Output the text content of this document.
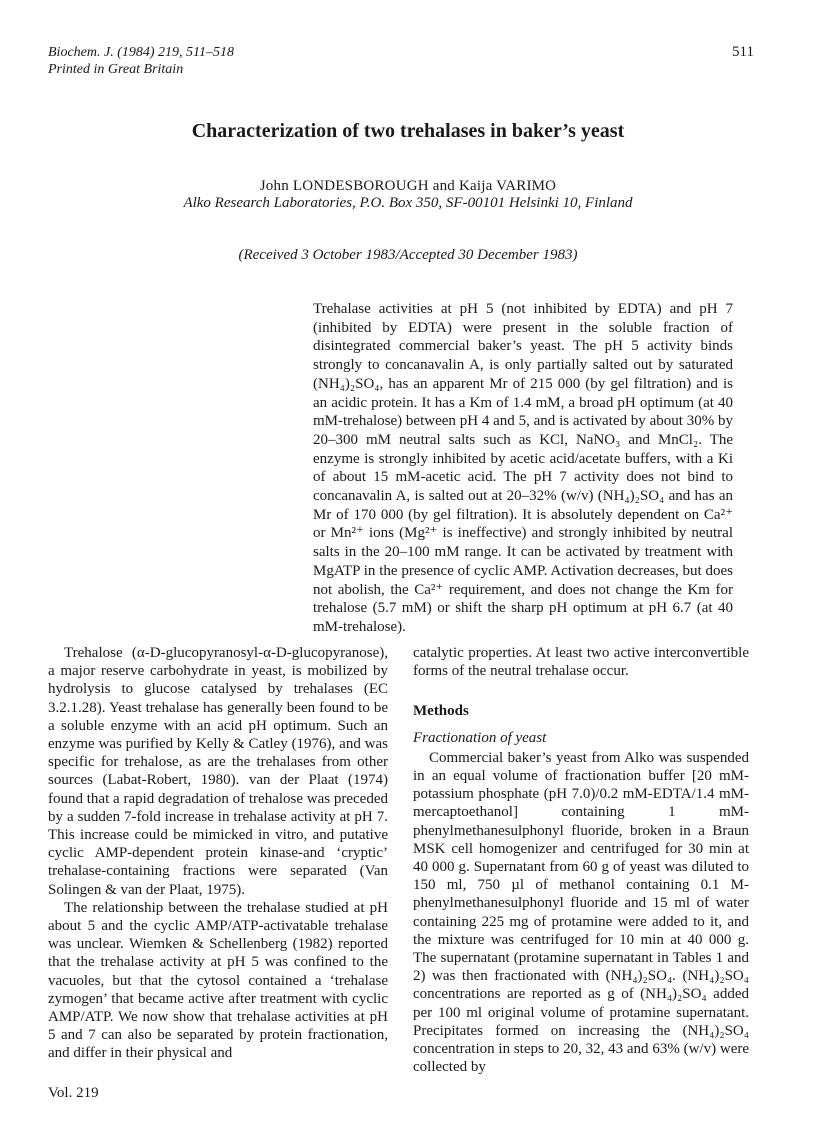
Biochem. J. (1984) 219, 511–518
Printed in Great Britain
511
Characterization of two trehalases in baker’s yeast
John LONDESBOROUGH and Kaija VARIMO
Alko Research Laboratories, P.O. Box 350, SF-00101 Helsinki 10, Finland
(Received 3 October 1983/Accepted 30 December 1983)

Trehalase activities at pH 5 (not inhibited by EDTA) and pH 7 (inhibited by EDTA) were present in the soluble fraction of disintegrated commercial baker’s yeast. The pH 5 activity binds strongly to concanavalin A, is only partially salted out by saturated (NH₄)₂SO₄, has an apparent Mr of 215 000 (by gel filtration) and is an acidic protein. It has a Km of 1.4 mM, a broad pH optimum (at 40 mM-trehalose) between pH 4 and 5, and is activated by about 30% by 20–300 mM neutral salts such as KCl, NaNO₃ and MnCl₂. The enzyme is strongly inhibited by acetic acid/acetate buffers, with a Ki of about 15 mM-acetic acid. The pH 7 activity does not bind to concanavalin A, is salted out at 20–32% (w/v) (NH₄)₂SO₄ and has an Mr of 170 000 (by gel filtration). It is absolutely dependent on Ca²⁺ or Mn²⁺ ions (Mg²⁺ is ineffective) and strongly inhibited by neutral salts in the 20–100 mM range. It can be activated by treatment with MgATP in the presence of cyclic AMP. Activation decreases, but does not abolish, the Ca²⁺ requirement, and does not change the Km for trehalose (5.7 mM) or shift the sharp pH optimum at pH 6.7 (at 40 mM-trehalose).

Trehalose (α-D-glucopyranosyl-α-D-glucopyranose), a major reserve carbohydrate in yeast, is mobilized by hydrolysis to glucose catalysed by trehalases (EC 3.2.1.28). Yeast trehalase has generally been found to be a soluble enzyme with an acid pH optimum. Such an enzyme was purified by Kelly & Catley (1976), and was specific for trehalose, as are the trehalases from other sources (Labat-Robert, 1980). van der Plaat (1974) found that a rapid degradation of trehalose was preceded by a sudden 7-fold increase in trehalase activity at pH 7. This increase could be mimicked in vitro, and putative cyclic AMP-dependent protein kinase-and ‘cryptic’ trehalase-containing fractions were separated (Van Solingen & van der Plaat, 1975).

The relationship between the trehalase studied at pH about 5 and the cyclic AMP/ATP-activatable trehalase was unclear. Wiemken & Schellenberg (1982) reported that the trehalase activity at pH 5 was confined to the vacuoles, but that the cytosol contained a ‘trehalase zymogen’ that became active after treatment with cyclic AMP/ATP. We now show that trehalase activities at pH 5 and 7 can also be separated by protein fractionation, and differ in their physical and

catalytic properties. At least two active interconvertible forms of the neutral trehalase occur.

Methods
Fractionation of yeast

Commercial baker’s yeast from Alko was suspended in an equal volume of fractionation buffer [20 mM-potassium phosphate (pH 7.0)/0.2 mM-EDTA/1.4 mM-mercaptoethanol] containing 1 mM-phenylmethanesulphonyl fluoride, broken in a Braun MSK cell homogenizer and centrifuged for 30 min at 40 000 g. Supernatant from 60 g of yeast was diluted to 150 ml, 750 µl of methanol containing 0.1 M-phenylmethanesulphonyl fluoride and 15 ml of water containing 225 mg of protamine were added to it, and the mixture was centrifuged for 10 min at 40 000 g. The supernatant (protamine supernatant in Tables 1 and 2) was then fractionated with (NH₄)₂SO₄. (NH₄)₂SO₄ concentrations are reported as g of (NH₄)₂SO₄ added per 100 ml original volume of protamine supernatant. Precipitates formed on increasing the (NH₄)₂SO₄ concentration in steps to 20, 32, 43 and 63% (w/v) were collected by

Vol. 219
